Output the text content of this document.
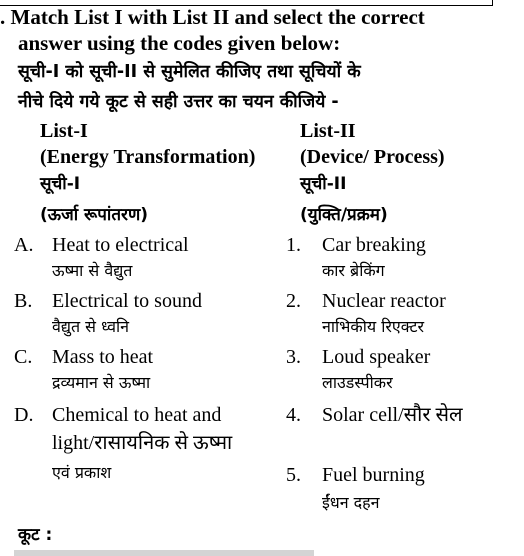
. Match List I with List II and select the correct
answer using the codes given below:
सूची-I को सूची-II से सुमेलित कीजिए तथा सूचियों के
नीचे दिये गये कूट से सही उत्तर का चयन कीजिये -
List-I
(Energy Transformation)
सूची-I
(ऊर्जा रूपांतरण)
List-II
(Device/ Process)
सूची-II
(युक्ति/प्रक्रम)
A. Heat to electrical
ऊष्मा से वैद्युत
B. Electrical to sound
वैद्युत से ध्वनि
C. Mass to heat
द्रव्यमान से ऊष्मा
D. Chemical to heat and
light/रासायनिक से ऊष्मा
एवं प्रकाश
1. Car breaking
कार ब्रेकिंग
2. Nuclear reactor
नाभिकीय रिएक्टर
3. Loud speaker
लाउडस्पीकर
4. Solar cell/सौर सेल
5. Fuel burning
ईंधन दहन
कूट :
